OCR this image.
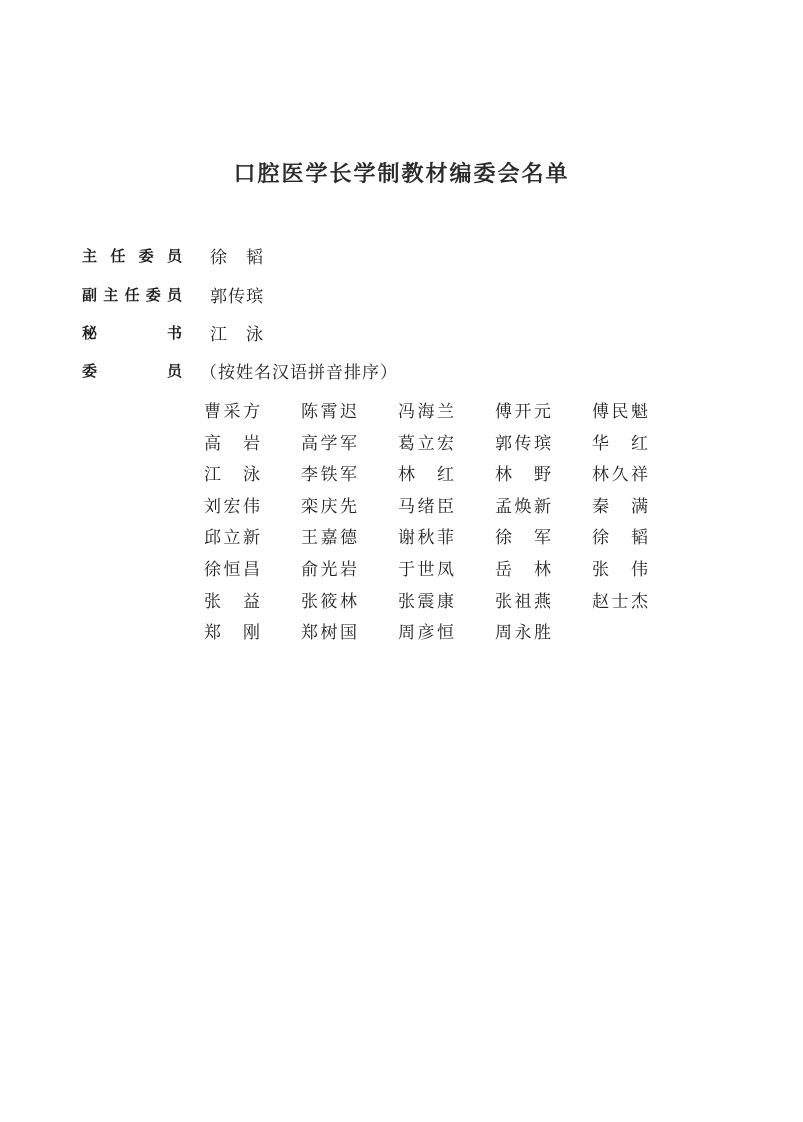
口腔医学长学制教材编委会名单
主 任 委 员 徐　韬
副 主 任 委 员 郭传瑸
秘	书 江　泳
委	员 （按姓名汉语拼音排序）
曹 采 方 陈 霄 迟 冯 海 兰 傅 开 元 傅 民 魁
高 岩 高 学 军 葛 立 宏 郭 传 瑸 华 红
江 泳 李 铁 军 林 红 林 野 林 久 祥
刘 宏 伟 栾 庆 先 马 绪 臣 孟 焕 新 秦 满
邱 立 新 王 嘉 德 谢 秋 菲 徐 军 徐 韬
徐 恒 昌 俞 光 岩 于 世 凤 岳 林 张 伟
张 益 张 筱 林 张 震 康 张 祖 燕 赵 士 杰
郑 刚 郑 树 国 周 彦 恒 周 永 胜
